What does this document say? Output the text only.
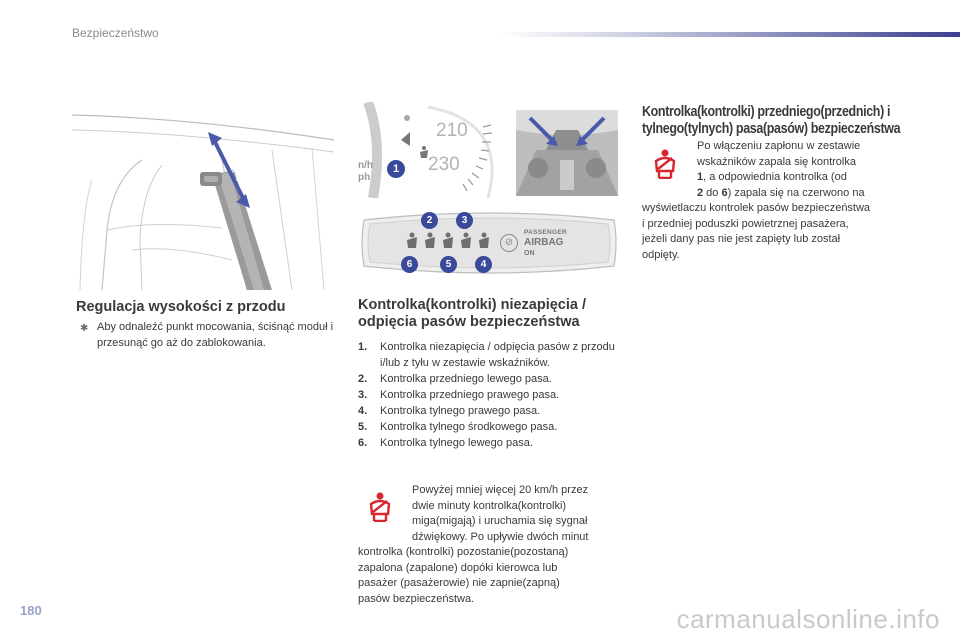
Bezpieczeństwo
Regulacja wysokości z przodu
✱ Aby odnaleźć punkt mocowania, ściśnąć moduł i przesunąć go aż do zablokowania.
210
230
n/h
ph
1
⊘
PASSENGER
AIRBAG
ON
2	3
6	5	4
Kontrolka(kontrolki) niezapięcia /
odpięcia pasów bezpieczeństwa
1. Kontrolka niezapięcia / odpięcia pasów z przodu i/lub z tyłu w zestawie wskaźników.
2. Kontrolka przedniego lewego pasa.
3. Kontrolka przedniego prawego pasa.
4. Kontrolka tylnego prawego pasa.
5. Kontrolka tylnego środkowego pasa.
6. Kontrolka tylnego lewego pasa.
Powyżej mniej więcej 20 km/h przez
dwie minuty kontrolka(kontrolki)
miga(migają) i uruchamia się sygnał
dźwiękowy. Po upływie dwóch minut
kontrolka (kontrolki) pozostanie(pozostaną)
zapalona (zapalone) dopóki kierowca lub
pasażer (pasażerowie) nie zapnie(zapną)
pasów bezpieczeństwa.
Kontrolka(kontrolki) przedniego(przednich) i
tylnego(tylnych) pasa(pasów) bezpieczeństwa
Po włączeniu zapłonu w zestawie
wskaźników zapala się kontrolka
1, a odpowiednia kontrolka (od
2 do 6) zapala się na czerwono na
wyświetlaczu kontrolek pasów bezpieczeństwa
i przedniej poduszki powietrznej pasażera,
jeżeli dany pas nie jest zapięty lub został
odpięty.
180	carmanualsonline.info
